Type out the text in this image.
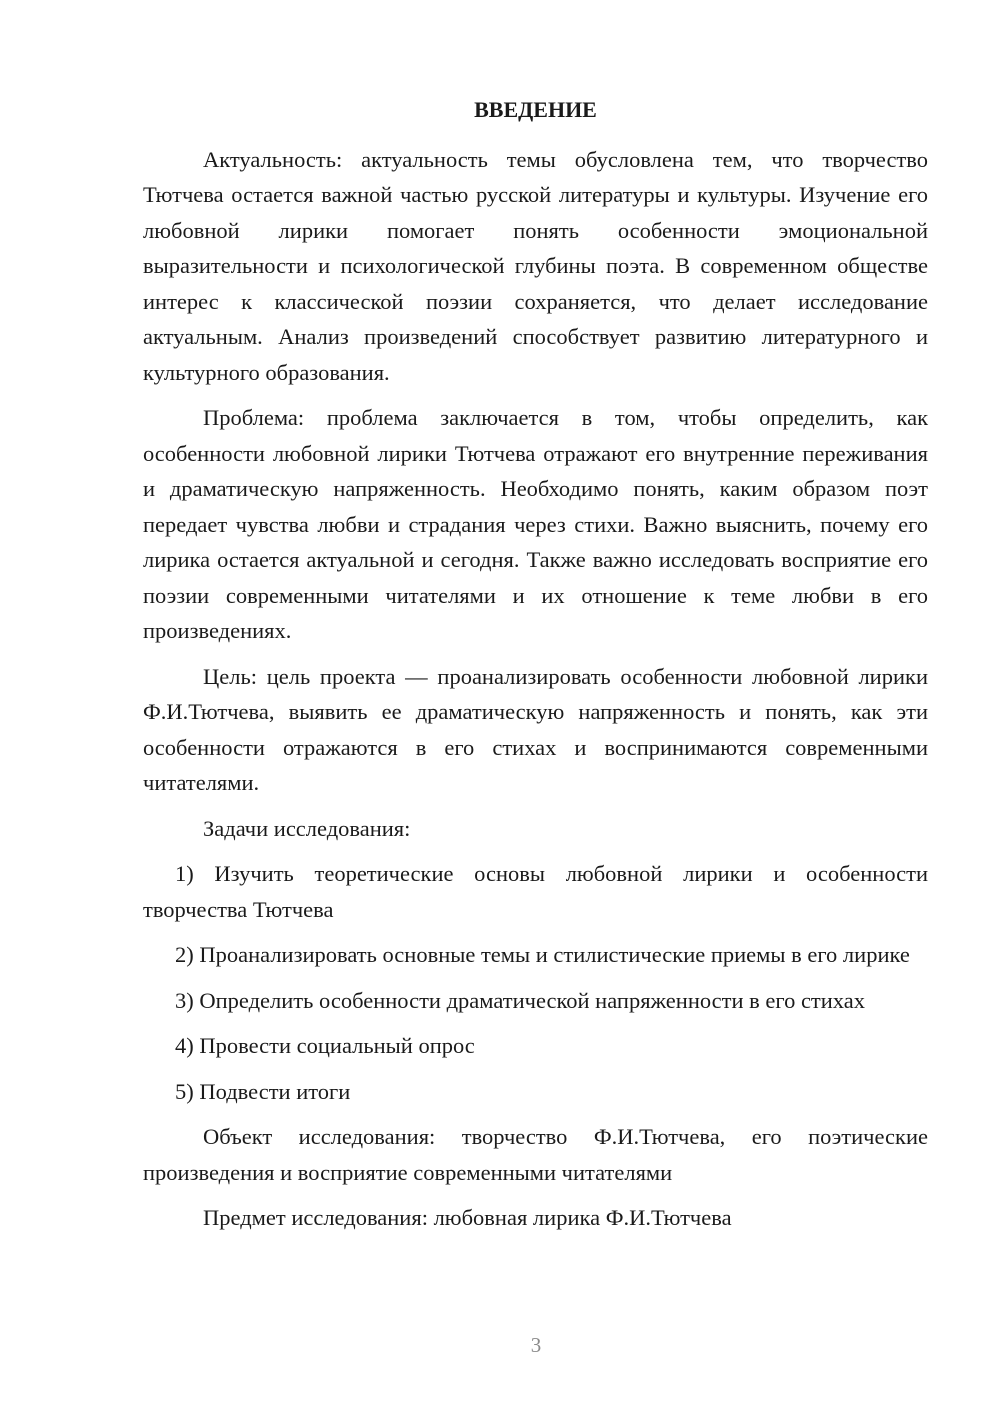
ВВЕДЕНИЕ

Актуальность: актуальность темы обусловлена тем, что творчество Тютчева остается важной частью русской литературы и культуры. Изучение его любовной лирики помогает понять особенности эмоциональной выразительности и психологической глубины поэта. В современном обществе интерес к классической поэзии сохраняется, что делает исследование актуальным. Анализ произведений способствует развитию литературного и культурного образования.

Проблема: проблема заключается в том, чтобы определить, как особенности любовной лирики Тютчева отражают его внутренние переживания и драматическую напряженность. Необходимо понять, каким образом поэт передает чувства любви и страдания через стихи. Важно выяснить, почему его лирика остается актуальной и сегодня. Также важно исследовать восприятие его поэзии современными читателями и их отношение к теме любви в его произведениях.

Цель: цель проекта — проанализировать особенности любовной лирики Ф.И.Тютчева, выявить ее драматическую напряженность и понять, как эти особенности отражаются в его стихах и воспринимаются современными читателями.

Задачи исследования:

1) Изучить теоретические основы любовной лирики и особенности творчества Тютчева

2) Проанализировать основные темы и стилистические приемы в его лирике

3) Определить особенности драматической напряженности в его стихах

4) Провести социальный опрос

5) Подвести итоги

Объект исследования: творчество Ф.И.Тютчева, его поэтические произведения и восприятие современными читателями

Предмет исследования: любовная лирика Ф.И.Тютчева

3
